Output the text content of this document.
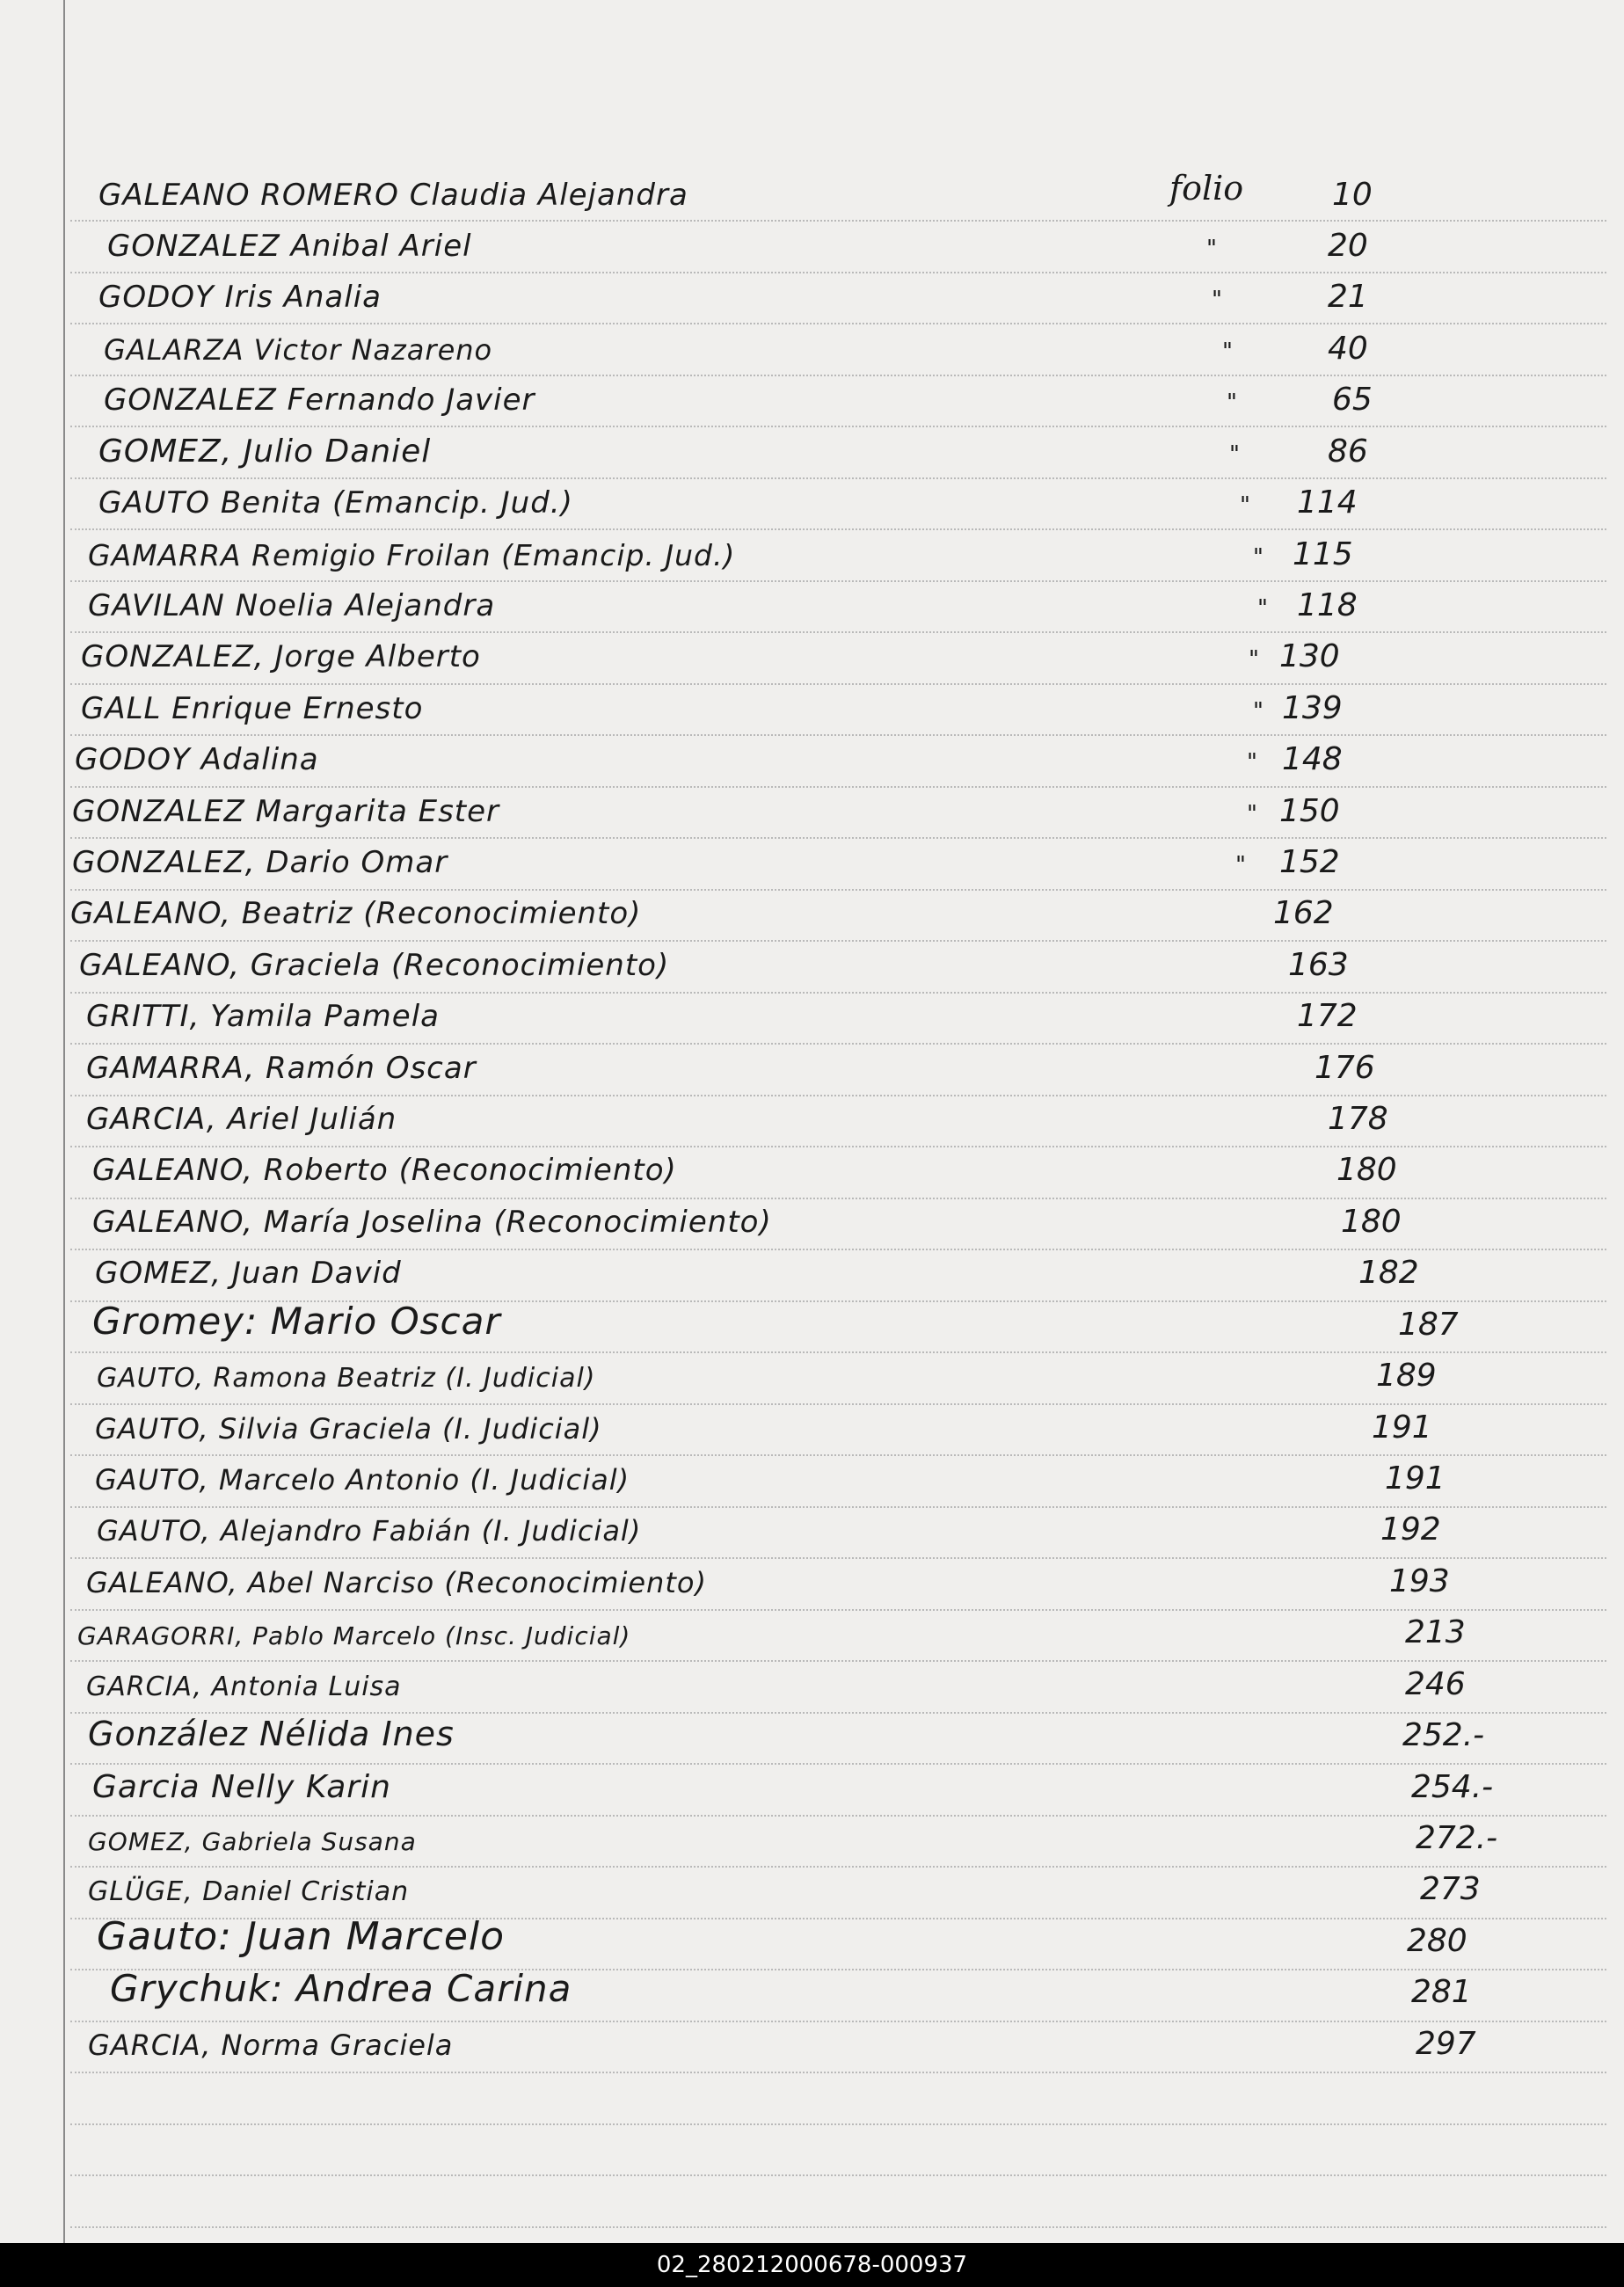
GALEANO ROMERO Claudia Alejandra	folio	10
GONZALEZ Anibal Ariel	"	20
GODOY Iris Analia	"	21
GALARZA Victor Nazareno	"	40
GONZALEZ Fernando Javier	"	65
GOMEZ, Julio Daniel	"	86
GAUTO Benita (Emancip. Jud.)	" 114
GAMARRA Remigio Froilan (Emancip. Jud.)	" 115
GAVILAN Noelia Alejandra	" 118
GONZALEZ, Jorge Alberto	" 130
GALL Enrique Ernesto	" 139
GODOY Adalina	" 148
GONZALEZ Margarita Ester	" 150
GONZALEZ, Dario Omar	" 152
GALEANO, Beatriz (Reconocimiento)	162
GALEANO, Graciela (Reconocimiento)	163
GRITTI, Yamila Pamela	172
GAMARRA, Ramón Oscar	176
GARCIA, Ariel Julián	178
GALEANO, Roberto (Reconocimiento)	180
GALEANO, María Joselina (Reconocimiento)	180
GOMEZ, Juan David	182
Gromey: Mario Oscar	187
GAUTO, Ramona Beatriz (I. Judicial)	189
GAUTO, Silvia Graciela (I. Judicial)	191
GAUTO, Marcelo Antonio (I. Judicial)	191
GAUTO, Alejandro Fabián (I. Judicial)	192
GALEANO, Abel Narciso (Reconocimiento)	193
GARAGORRI, Pablo Marcelo (Insc. Judicial)	213
GARCIA, Antonia Luisa	246
González Nélida Ines	252.-
Garcia Nelly Karin	254.-
GOMEZ, Gabriela Susana	272.-
GLÜGE, Daniel Cristian	273
Gauto: Juan Marcelo	280
Grychuk: Andrea Carina	281
GARCIA, Norma Graciela	297
02_280212000678-000937
